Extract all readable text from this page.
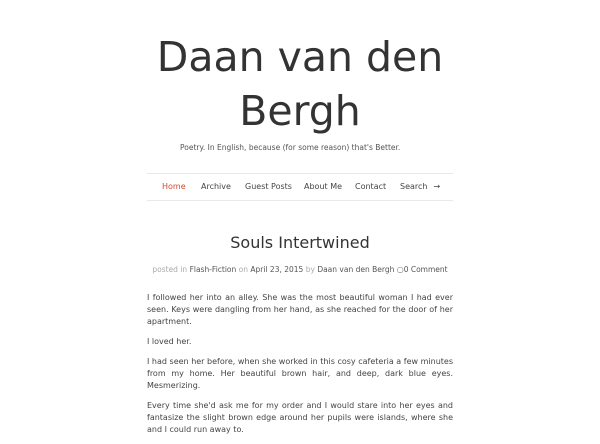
Daan van den
Bergh
Poetry. In English, because (for some reason) that's Better.
Home Archive Guest Posts About Me Contact Search →
Souls Intertwined
posted in Flash-Fiction on April 23, 2015 by Daan van den Bergh ○0 Comment

I followed her into an alley. She was the most beautiful woman I had ever seen. Keys were dangling from her hand, as she reached for the door of her apartment.

I loved her.

I had seen her before, when she worked in this cosy cafeteria a few minutes from my home. Her beautiful brown hair, and deep, dark blue eyes. Mesmerizing.

Every time she'd ask me for my order and I would stare into her eyes and fantasize the slight brown edge around her pupils were islands, where she and I could run away to.
